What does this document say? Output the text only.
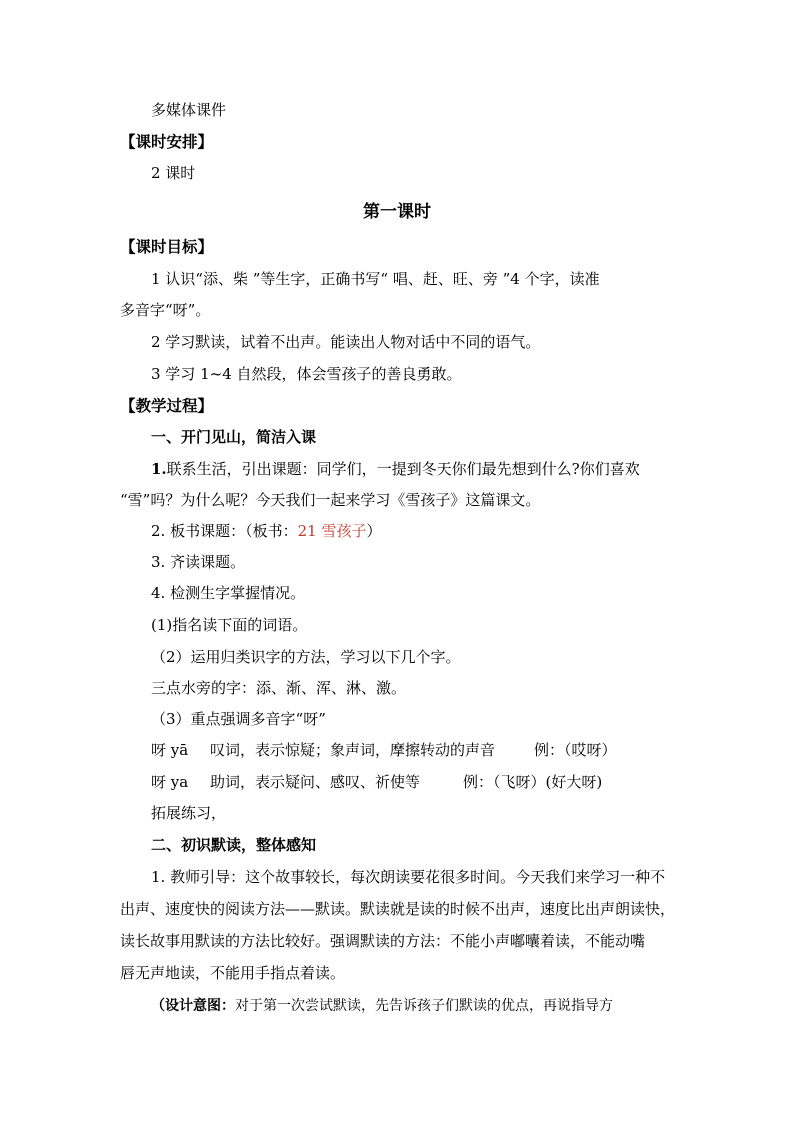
多媒体课件
【课时安排】
2 课时
第一课时
【课时目标】
1 认识“添、柴 ”等生字，正确书写“ 唱、赶、旺、旁 ”4 个字，读准
多音字“呀”。
2 学习默读，试着不出声。能读出人物对话中不同的语气。
3 学习 1~4 自然段，体会雪孩子的善良勇敢。
【教学过程】
一、开门见山，简洁入课
1.联系生活，引出课题：同学们，一提到冬天你们最先想到什么?你们喜欢
“雪”吗？为什么呢？今天我们一起来学习《雪孩子》这篇课文。
2. 板书课题：（板书：21 雪孩子）
3. 齐读课题。
4. 检测生字掌握情况。
(1)指名读下面的词语。
（2）运用归类识字的方法，学习以下几个字。
三点水旁的字：添、渐、浑、淋、激。
（3）重点强调多音字“呀”
呀 yā 叹词，表示惊疑；象声词，摩擦转动的声音	例：（哎呀）
呀 ya 助词，表示疑问、感叹、祈使等	例：（飞呀）(好大呀)
拓展练习，
二、初识默读，整体感知
1. 教师引导：这个故事较长，每次朗读要花很多时间。今天我们来学习一种不
出声、速度快的阅读方法——默读。默读就是读的时候不出声，速度比出声朗读快，
读长故事用默读的方法比较好。强调默读的方法：不能小声嘟囔着读，不能动嘴
唇无声地读，不能用手指点着读。
（设计意图：对于第一次尝试默读，先告诉孩子们默读的优点，再说指导方
